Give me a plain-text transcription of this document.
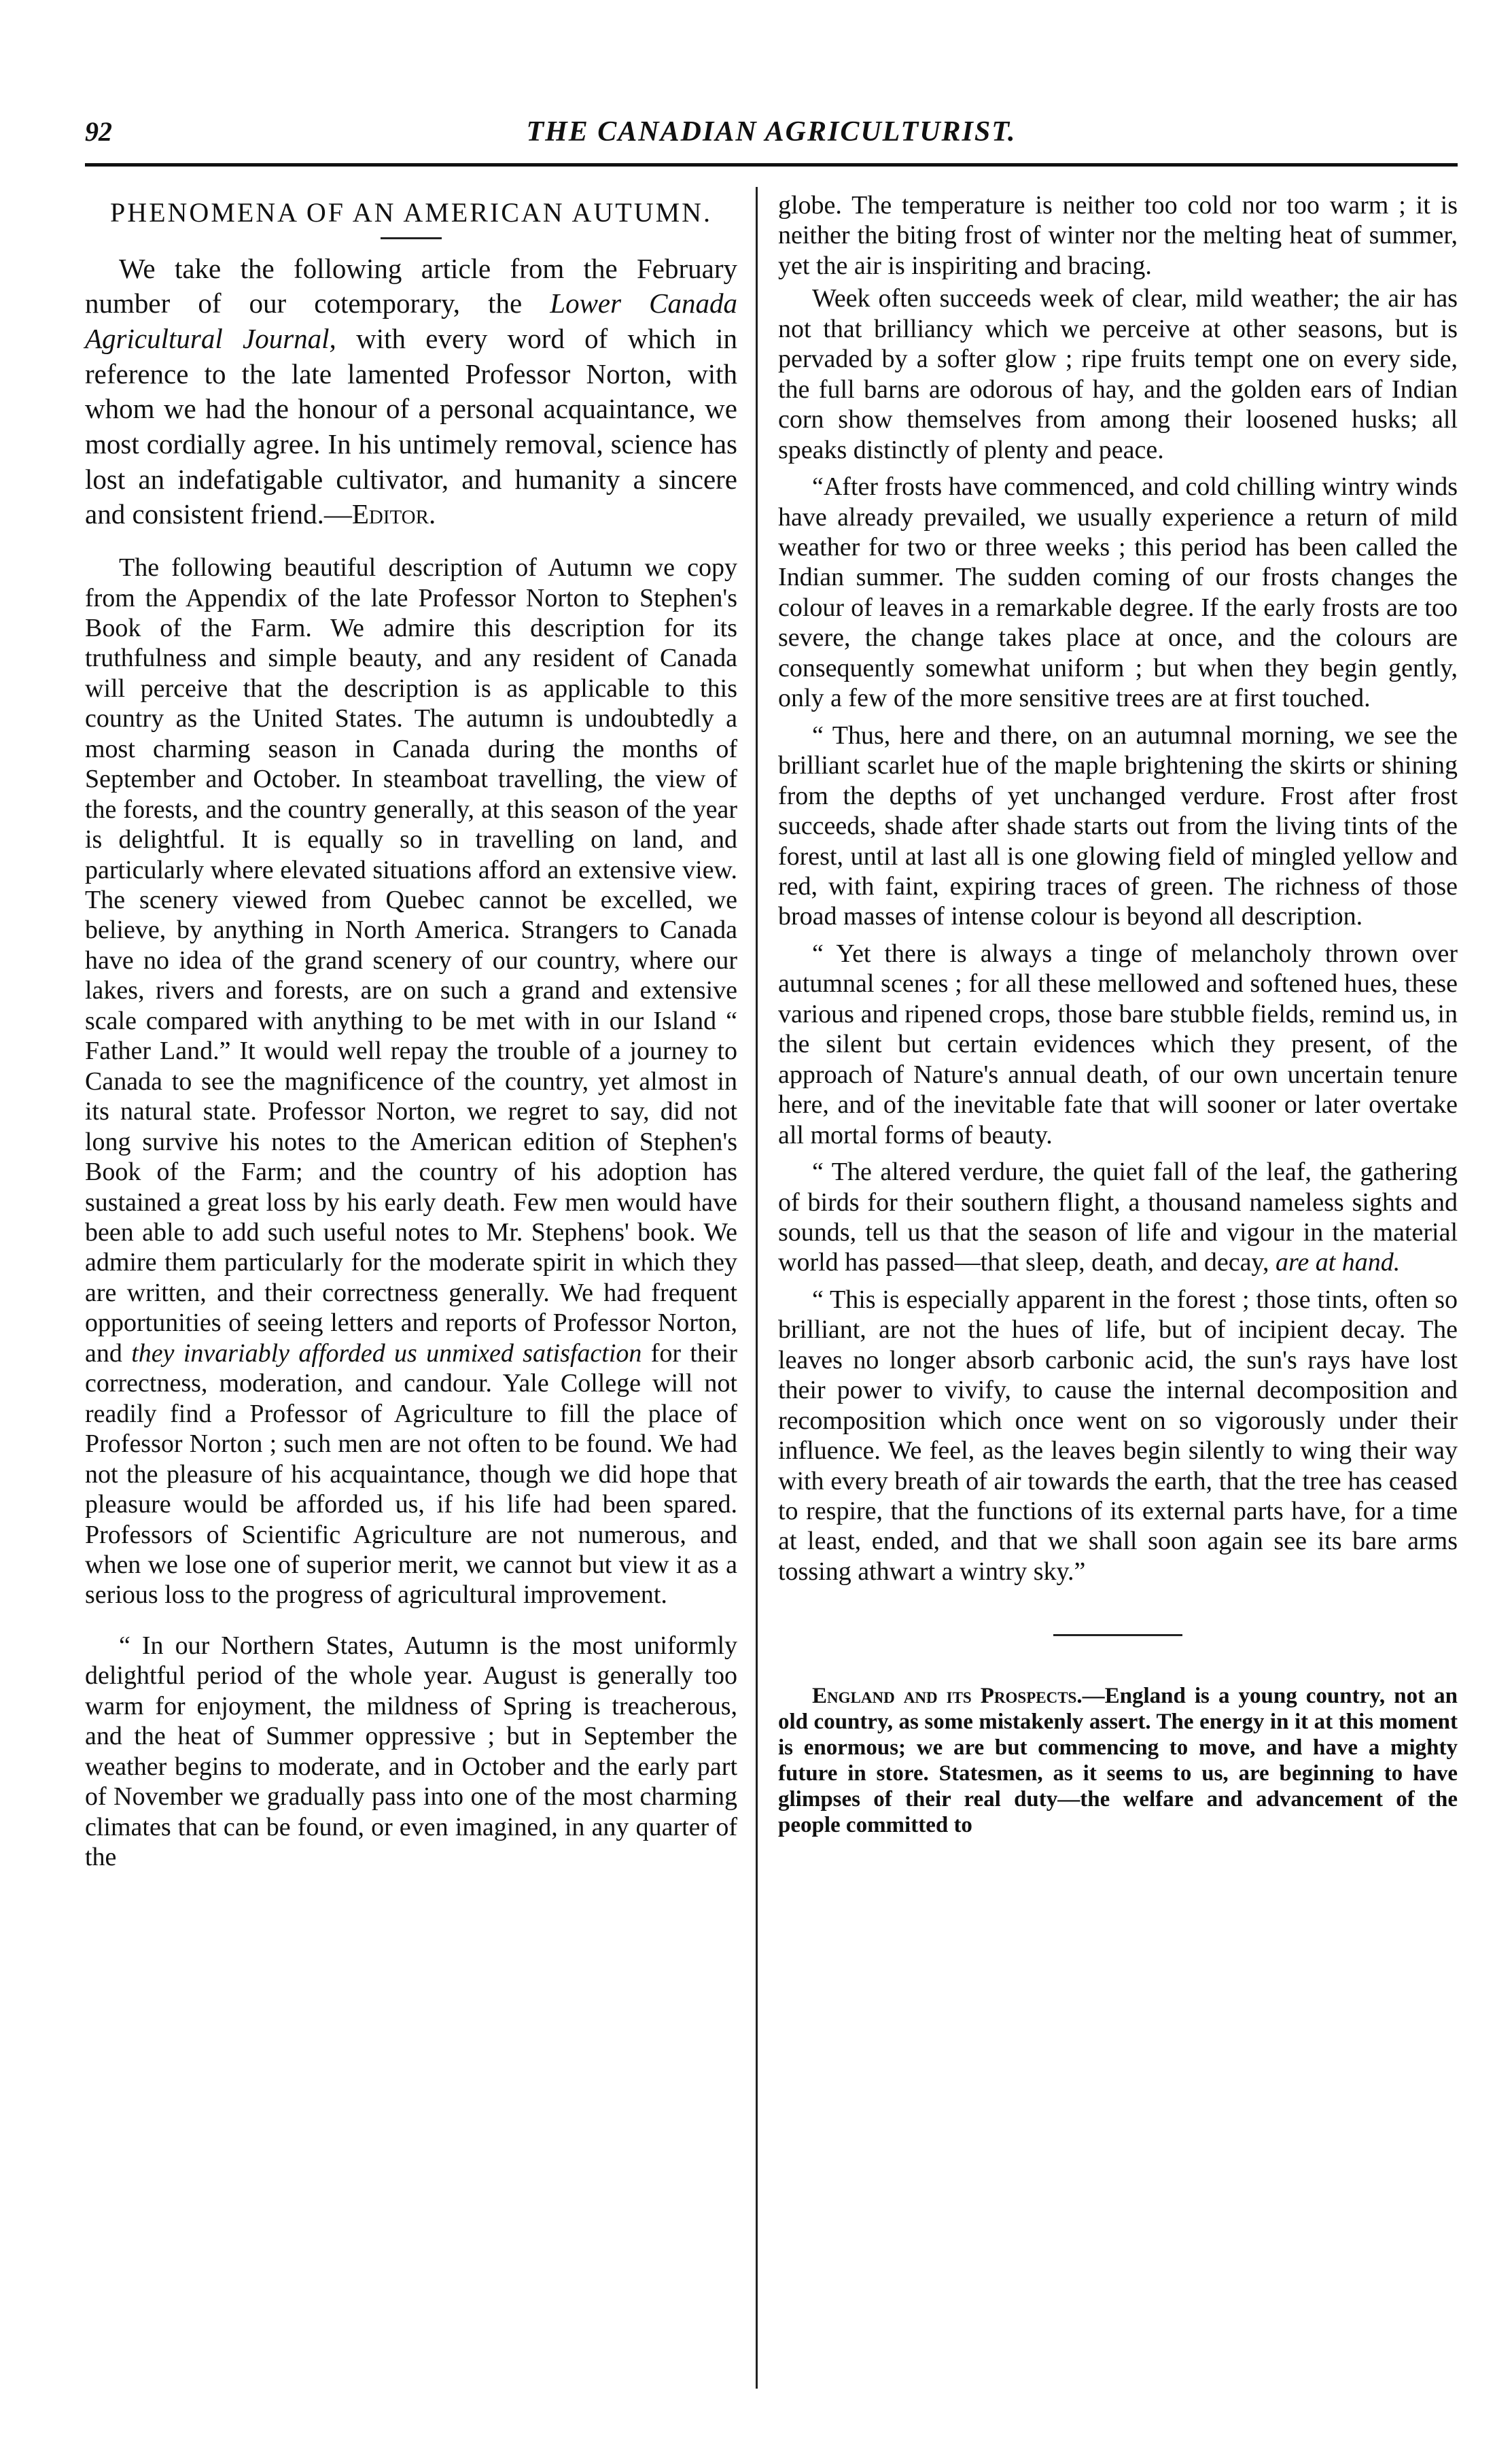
92	THE CANADIAN AGRICULTURIST.
PHENOMENA OF AN AMERICAN AUTUMN.

We take the following article from the February number of our cotemporary, the Lower Canada Agricultural Journal, with every word of which in reference to the late lamented Professor Norton, with whom we had the honour of a personal acquaintance, we most cordially agree. In his untimely removal, science has lost an indefatigable cultivator, and humanity a sincere and consistent friend.—Editor.

The following beautiful description of Autumn we copy from the Appendix of the late Professor Norton to Stephen's Book of the Farm. We admire this description for its truthfulness and simple beauty, and any resident of Canada will perceive that the description is as applicable to this country as the United States. The autumn is undoubtedly a most charming season in Canada during the months of September and October. In steamboat travelling, the view of the forests, and the country generally, at this season of the year is delightful. It is equally so in travelling on land, and particularly where elevated situations afford an extensive view. The scenery viewed from Quebec cannot be excelled, we believe, by anything in North America. Strangers to Canada have no idea of the grand scenery of our country, where our lakes, rivers and forests, are on such a grand and extensive scale compared with anything to be met with in our Island “ Father Land.” It would well repay the trouble of a journey to Canada to see the magnificence of the country, yet almost in its natural state. Professor Norton, we regret to say, did not long survive his notes to the American edition of Stephen's Book of the Farm; and the country of his adoption has sustained a great loss by his early death. Few men would have been able to add such useful notes to Mr. Stephens' book. We admire them particularly for the moderate spirit in which they are written, and their correctness generally. We had frequent opportunities of seeing letters and reports of Professor Norton, and they invariably afforded us unmixed satisfaction for their correctness, moderation, and candour. Yale College will not readily find a Professor of Agriculture to fill the place of Professor Norton ; such men are not often to be found. We had not the pleasure of his acquaintance, though we did hope that pleasure would be afforded us, if his life had been spared. Professors of Scientific Agriculture are not numerous, and when we lose one of superior merit, we cannot but view it as a serious loss to the progress of agricultural improvement.

“ In our Northern States, Autumn is the most uniformly delightful period of the whole year. August is generally too warm for enjoyment, the mildness of Spring is treacherous, and the heat of Summer oppressive ; but in September the weather begins to moderate, and in October and the early part of November we gradually pass into one of the most charming climates that can be found, or even imagined, in any quarter of the

globe. The temperature is neither too cold nor too warm ; it is neither the biting frost of winter nor the melting heat of summer, yet the air is inspiriting and bracing.

Week often succeeds week of clear, mild weather; the air has not that brilliancy which we perceive at other seasons, but is pervaded by a softer glow ; ripe fruits tempt one on every side, the full barns are odorous of hay, and the golden ears of Indian corn show themselves from among their loosened husks; all speaks distinctly of plenty and peace.

“After frosts have commenced, and cold chilling wintry winds have already prevailed, we usually experience a return of mild weather for two or three weeks ; this period has been called the Indian summer. The sudden coming of our frosts changes the colour of leaves in a remarkable degree. If the early frosts are too severe, the change takes place at once, and the colours are consequently somewhat uniform ; but when they begin gently, only a few of the more sensitive trees are at first touched.

“ Thus, here and there, on an autumnal morning, we see the brilliant scarlet hue of the maple brightening the skirts or shining from the depths of yet unchanged verdure. Frost after frost succeeds, shade after shade starts out from the living tints of the forest, until at last all is one glowing field of mingled yellow and red, with faint, expiring traces of green. The richness of those broad masses of intense colour is beyond all description.

“ Yet there is always a tinge of melancholy thrown over autumnal scenes ; for all these mellowed and softened hues, these various and ripened crops, those bare stubble fields, remind us, in the silent but certain evidences which they present, of the approach of Nature's annual death, of our own uncertain tenure here, and of the inevitable fate that will sooner or later overtake all mortal forms of beauty.

“ The altered verdure, the quiet fall of the leaf, the gathering of birds for their southern flight, a thousand nameless sights and sounds, tell us that the season of life and vigour in the material world has passed—that sleep, death, and decay, are at hand.

“ This is especially apparent in the forest ; those tints, often so brilliant, are not the hues of life, but of incipient decay. The leaves no longer absorb carbonic acid, the sun's rays have lost their power to vivify, to cause the internal decomposition and recomposition which once went on so vigorously under their influence. We feel, as the leaves begin silently to wing their way with every breath of air towards the earth, that the tree has ceased to respire, that the functions of its external parts have, for a time at least, ended, and that we shall soon again see its bare arms tossing athwart a wintry sky.”

England and its Prospects.—England is a young country, not an old country, as some mistakenly assert. The energy in it at this moment is enormous; we are but commencing to move, and have a mighty future in store. Statesmen, as it seems to us, are beginning to have glimpses of their real duty—the welfare and advancement of the people committed to
